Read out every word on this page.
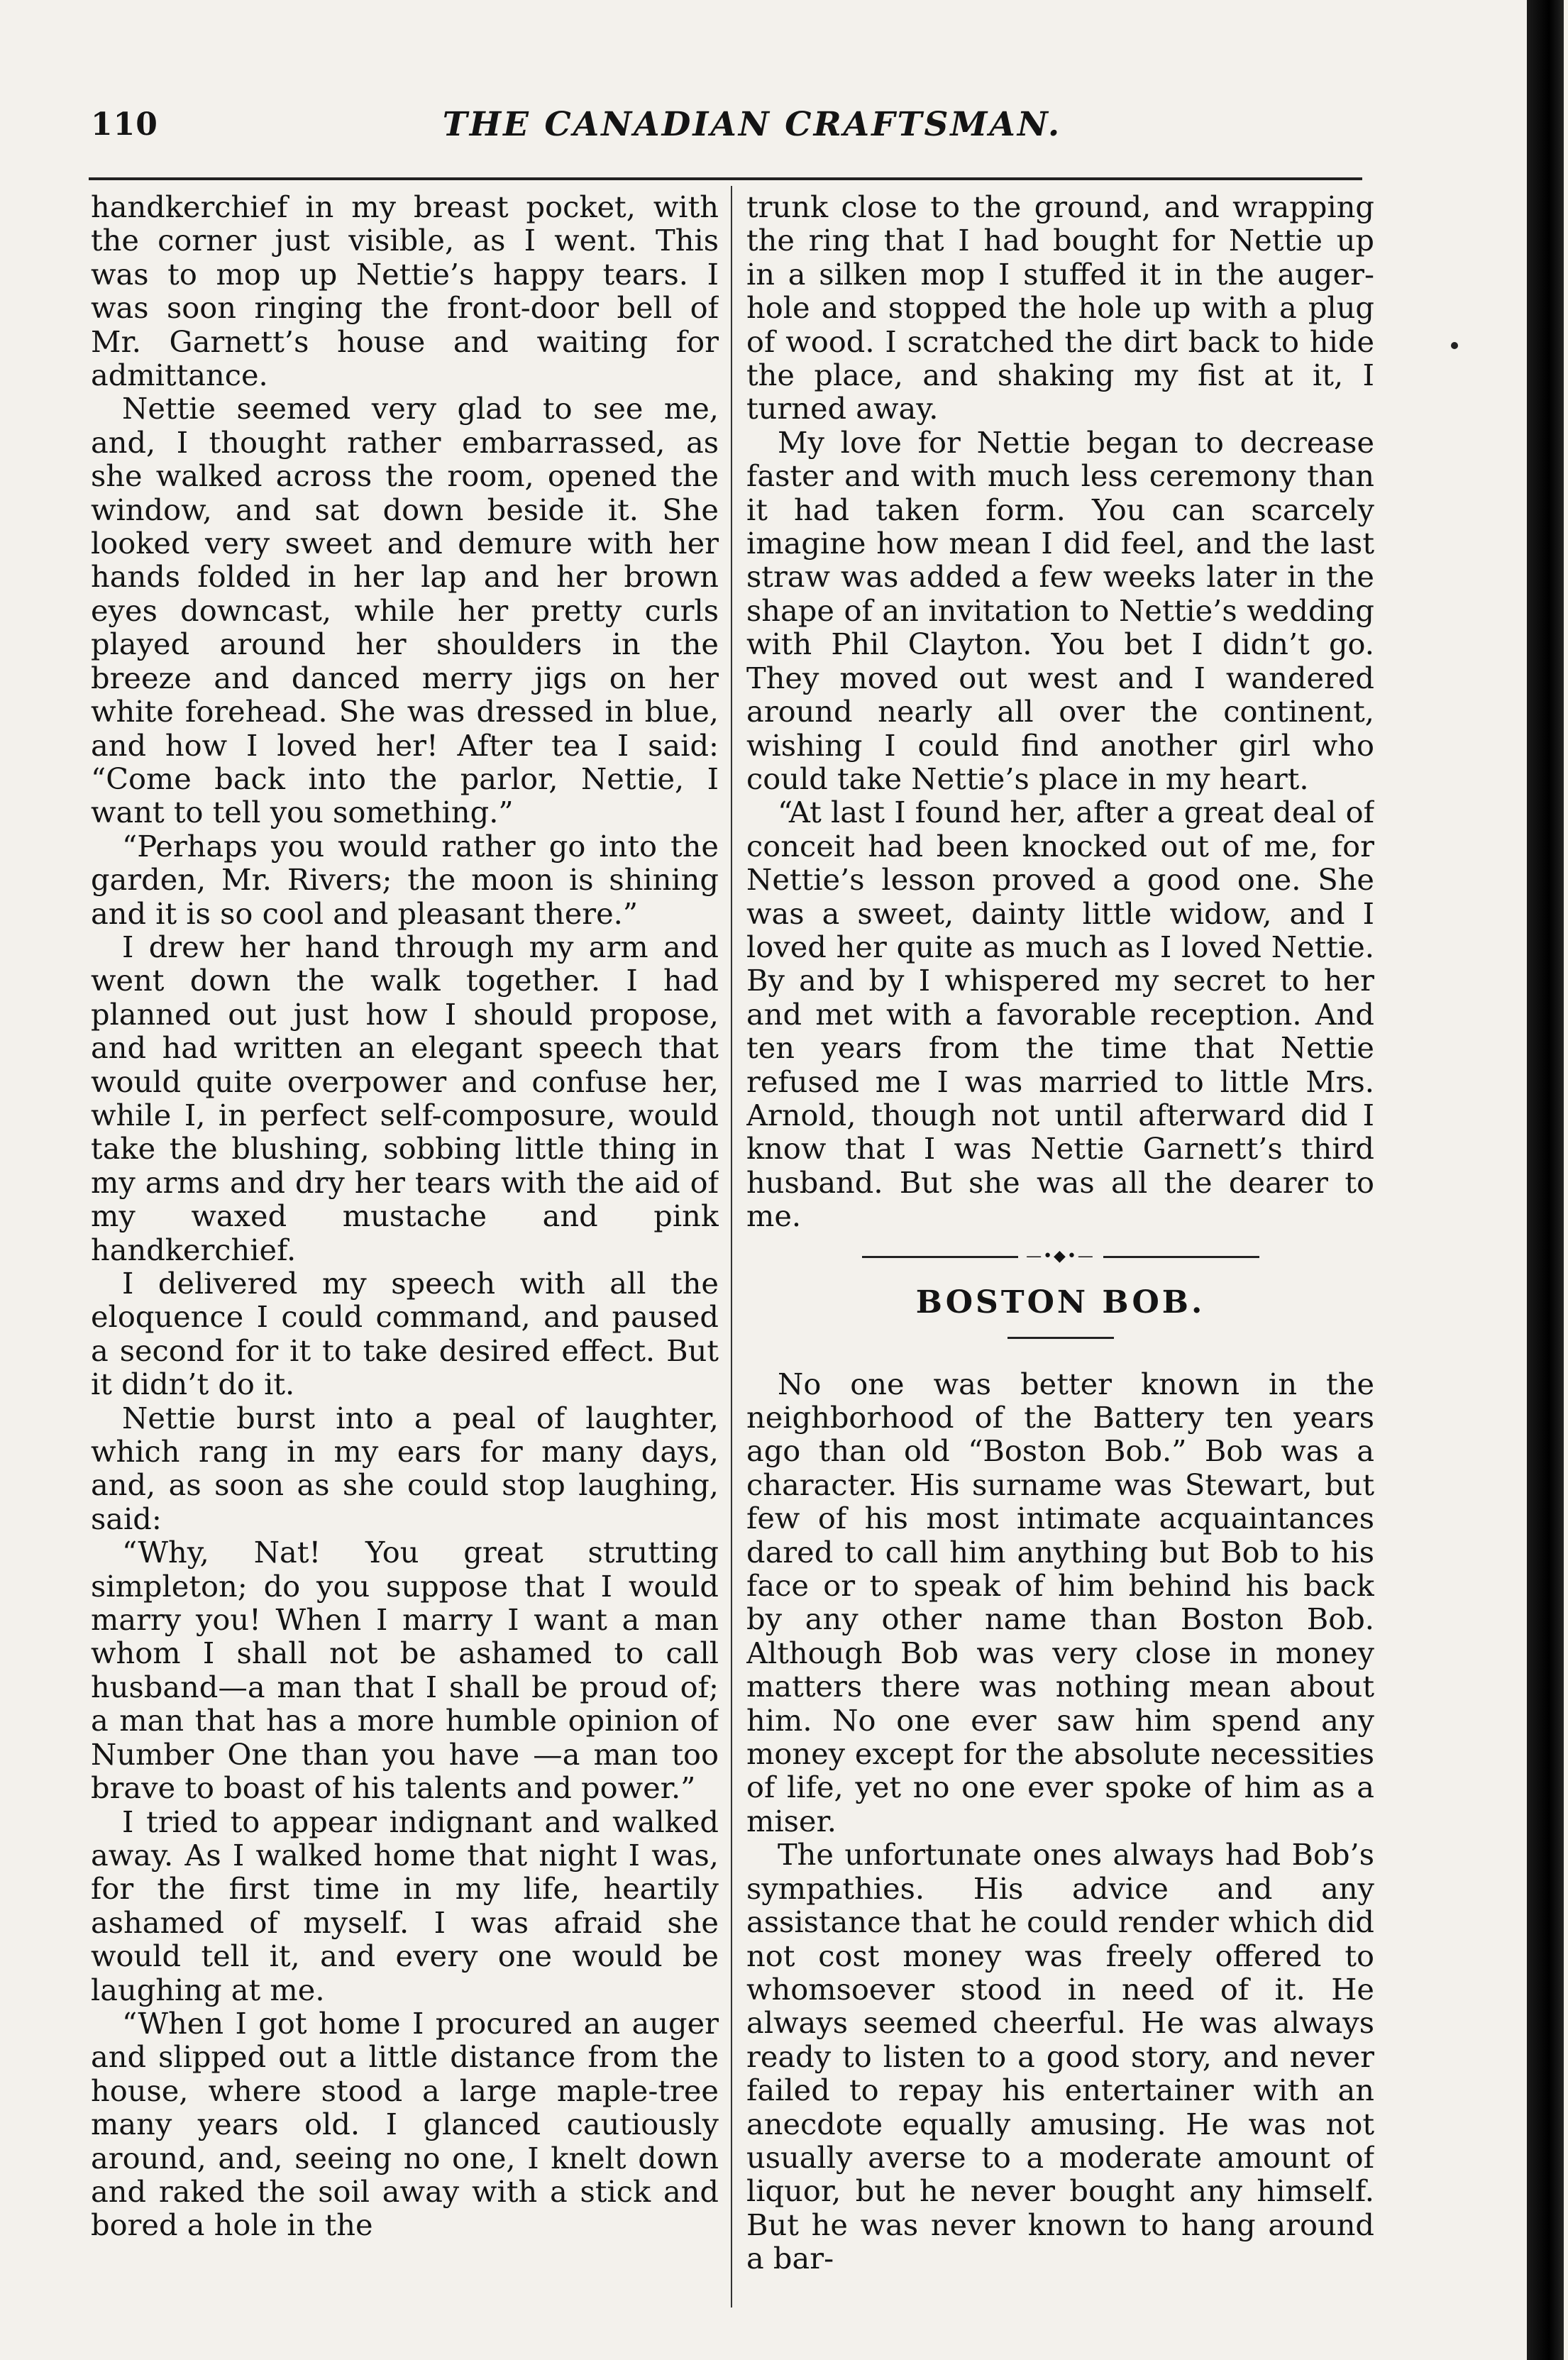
110	THE CANADIAN CRAFTSMAN.

handkerchief in my breast pocket, with the corner just visible, as I went. This was to mop up Nettie’s happy tears. I was soon ringing the front-door bell of Mr. Garnett’s house and waiting for admittance.

Nettie seemed very glad to see me, and, I thought rather embarrassed, as she walked across the room, opened the window, and sat down beside it. She looked very sweet and demure with her hands folded in her lap and her brown eyes downcast, while her pretty curls played around her shoulders in the breeze and danced merry jigs on her white forehead. She was dressed in blue, and how I loved her! After tea I said: “Come back into the parlor, Nettie, I want to tell you something.”

“Perhaps you would rather go into the garden, Mr. Rivers; the moon is shining and it is so cool and pleasant there.”

I drew her hand through my arm and went down the walk together. I had planned out just how I should propose, and had written an elegant speech that would quite overpower and confuse her, while I, in perfect self-composure, would take the blushing, sobbing little thing in my arms and dry her tears with the aid of my waxed mustache and pink handkerchief.

I delivered my speech with all the eloquence I could command, and paused a second for it to take desired effect. But it didn’t do it.

Nettie burst into a peal of laughter, which rang in my ears for many days, and, as soon as she could stop laughing, said:

“Why, Nat! You great strutting simpleton; do you suppose that I would marry you! When I marry I want a man whom I shall not be ashamed to call husband—a man that I shall be proud of; a man that has a more humble opinion of Number One than you have —a man too brave to boast of his talents and power.”

I tried to appear indignant and walked away. As I walked home that night I was, for the first time in my life, heartily ashamed of myself. I was afraid she would tell it, and every one would be laughing at me.

“When I got home I procured an auger and slipped out a little distance from the house, where stood a large maple-tree many years old. I glanced cautiously around, and, seeing no one, I knelt down and raked the soil away with a stick and bored a hole in the

trunk close to the ground, and wrapping the ring that I had bought for Nettie up in a silken mop I stuffed it in the auger-hole and stopped the hole up with a plug of wood. I scratched the dirt back to hide the place, and shaking my fist at it, I turned away.

My love for Nettie began to decrease faster and with much less ceremony than it had taken form. You can scarcely imagine how mean I did feel, and the last straw was added a few weeks later in the shape of an invitation to Nettie’s wedding with Phil Clayton. You bet I didn’t go. They moved out west and I wandered around nearly all over the continent, wishing I could find another girl who could take Nettie’s place in my heart.

“At last I found her, after a great deal of conceit had been knocked out of me, for Nettie’s lesson proved a good one. She was a sweet, dainty little widow, and I loved her quite as much as I loved Nettie. By and by I whispered my secret to her and met with a favorable reception. And ten years from the time that Nettie refused me I was married to little Mrs. Arnold, though not until afterward did I know that I was Nettie Garnett’s third husband. But she was all the dearer to me.

—•◆•—
BOSTON BOB.

No one was better known in the neighborhood of the Battery ten years ago than old “Boston Bob.” Bob was a character. His surname was Stewart, but few of his most intimate acquaintances dared to call him anything but Bob to his face or to speak of him behind his back by any other name than Boston Bob. Although Bob was very close in money matters there was nothing mean about him. No one ever saw him spend any money except for the absolute necessities of life, yet no one ever spoke of him as a miser.

The unfortunate ones always had Bob’s sympathies. His advice and any assistance that he could render which did not cost money was freely offered to whomsoever stood in need of it. He always seemed cheerful. He was always ready to listen to a good story, and never failed to repay his entertainer with an anecdote equally amusing. He was not usually averse to a moderate amount of liquor, but he never bought any himself. But he was never known to hang around a bar-
